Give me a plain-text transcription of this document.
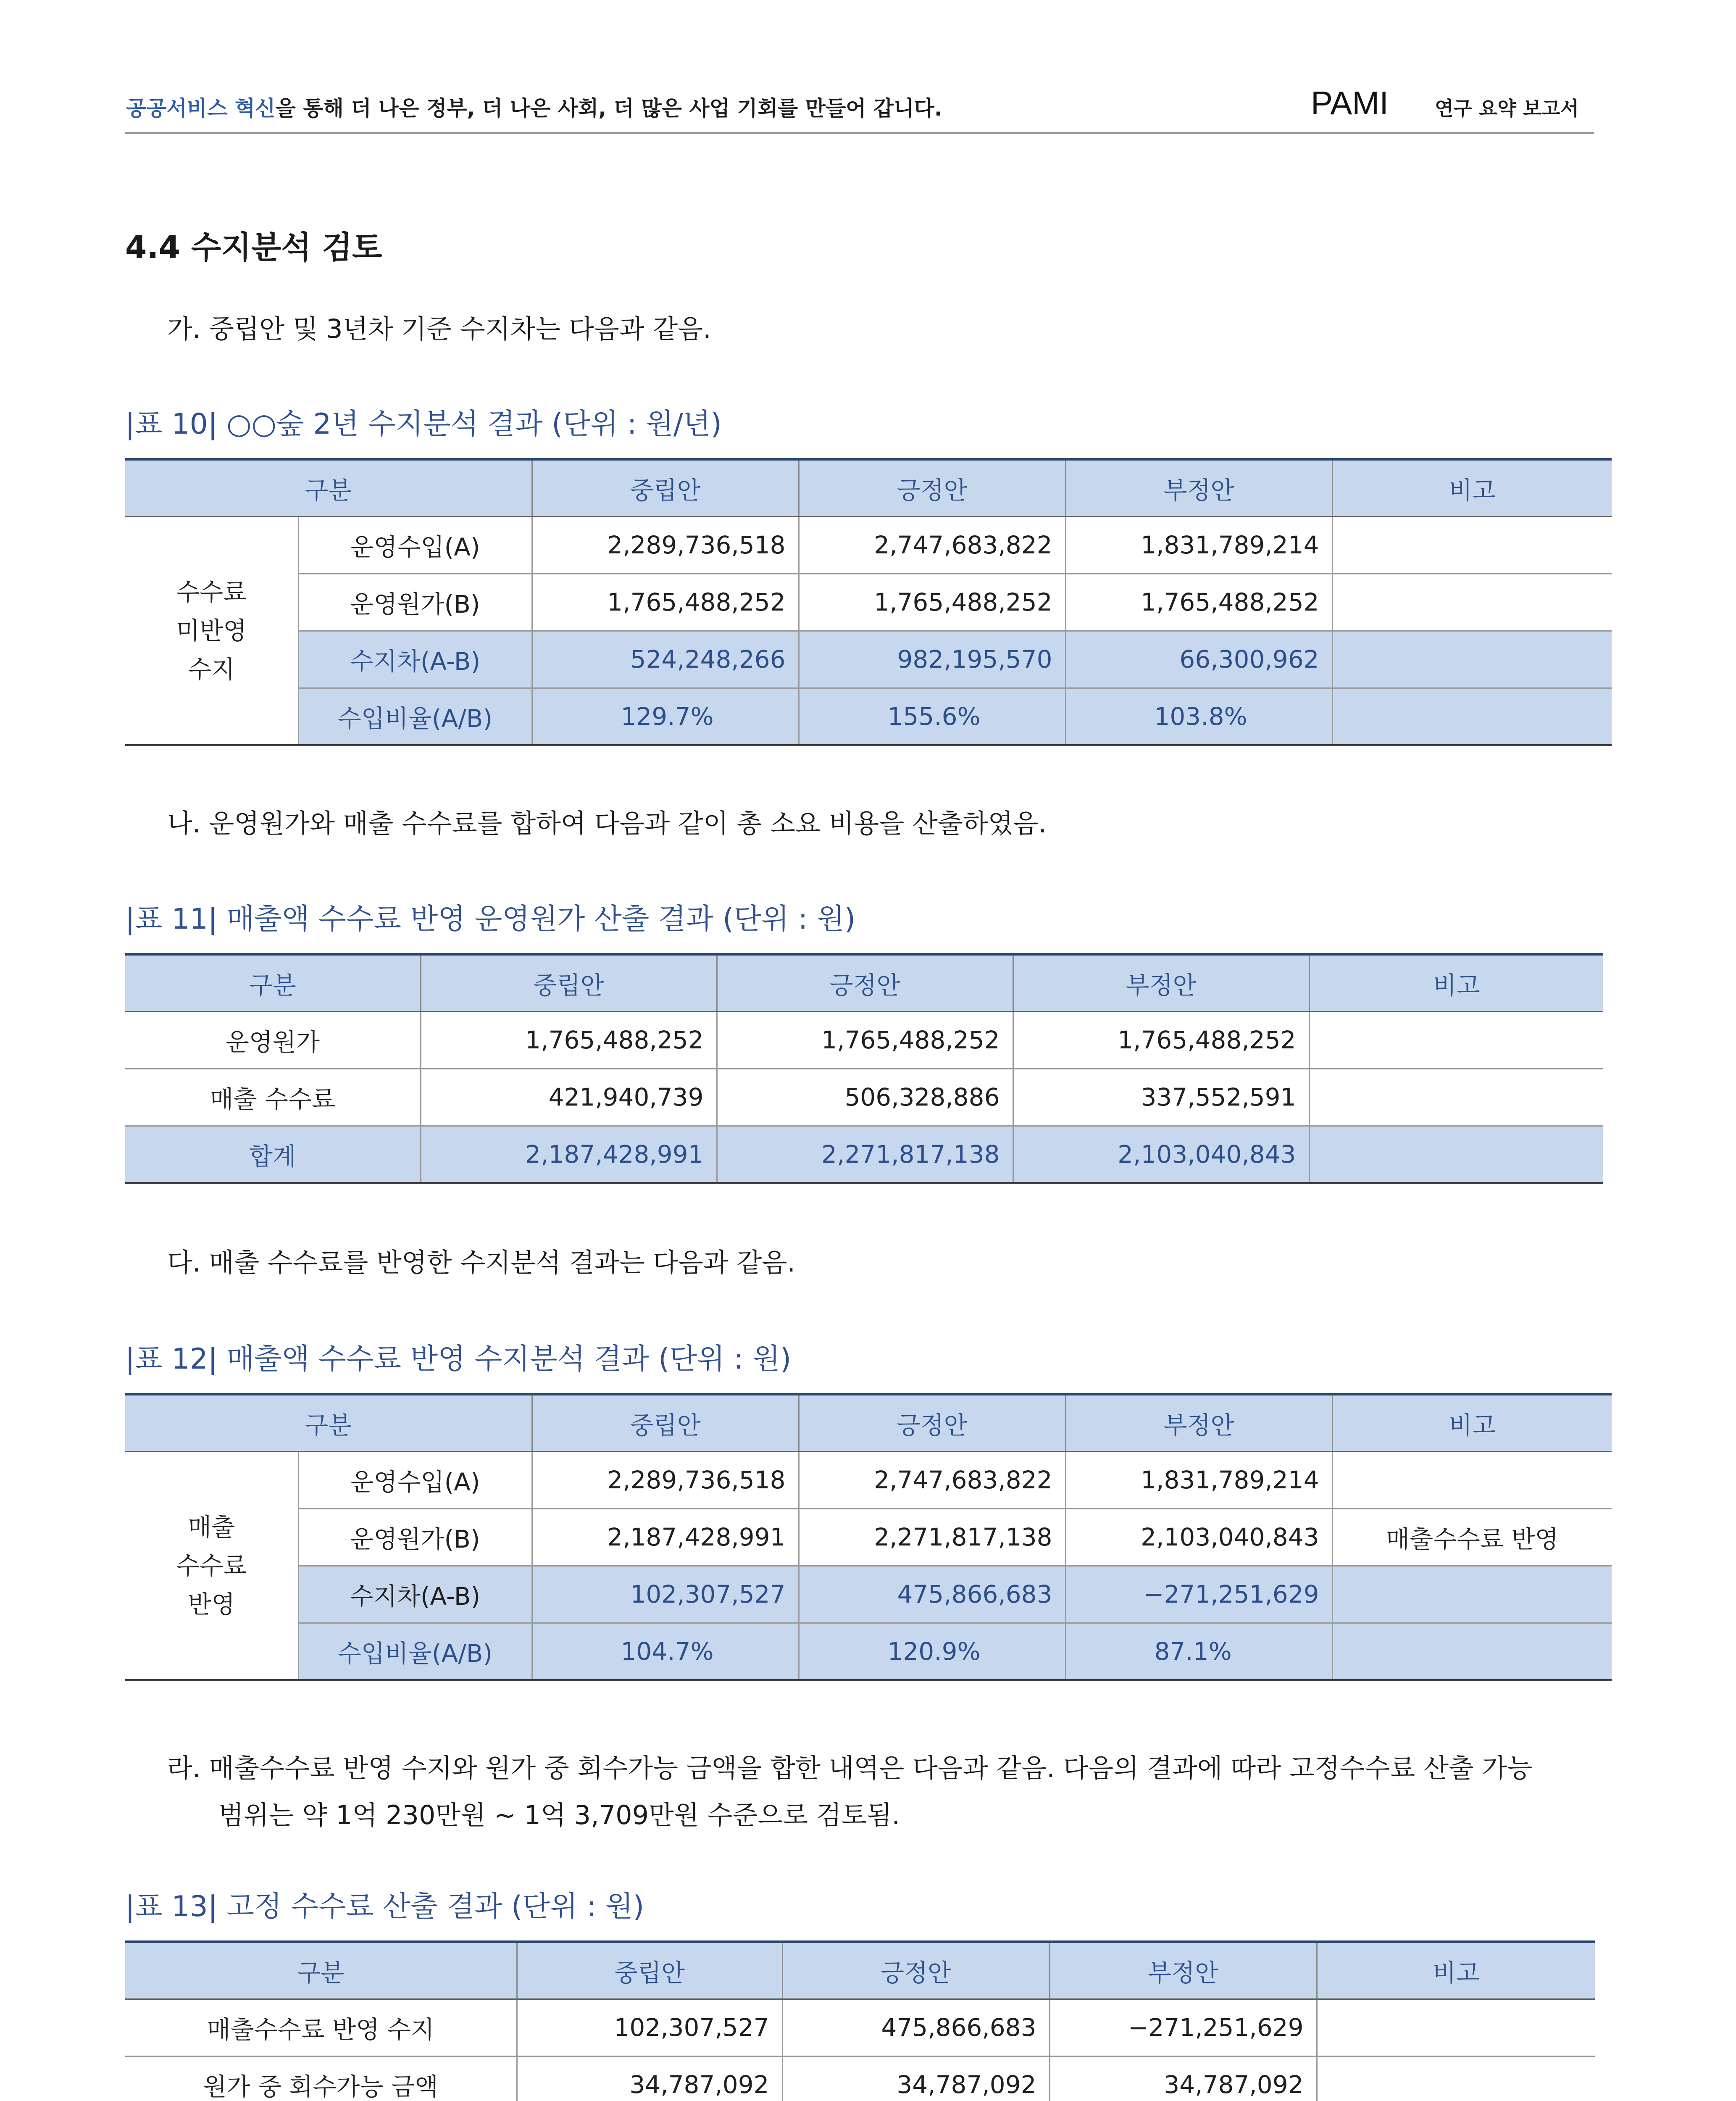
공공서비스 혁신을 통해 더 나은 정부, 더 나은 사회, 더 많은 사업 기회를 만들어 갑니다.	PAMI 연구 요약 보고서
4.4 수지분석 검토
가. 중립안 및 3년차 기준 수지차는 다음과 같음.
|표 10| ○○숲 2년 수지분석 결과 (단위 : 원/년)
구분		중립안	긍정안	부정안	비고
수수료
미반영
수지	운영수입(A)	2,289,736,518	2,747,683,822	1,831,789,214	
	운영원가(B)	1,765,488,252	1,765,488,252	1,765,488,252	
	수지차(A-B)	524,248,266	982,195,570	66,300,962	
	수입비율(A/B)	129.7%	155.6%	103.8%	
나. 운영원가와 매출 수수료를 합하여 다음과 같이 총 소요 비용을 산출하였음.
|표 11| 매출액 수수료 반영 운영원가 산출 결과 (단위 : 원)
구분	중립안	긍정안	부정안	비고
운영원가	1,765,488,252	1,765,488,252	1,765,488,252	
매출 수수료	421,940,739	506,328,886	337,552,591	
합계	2,187,428,991	2,271,817,138	2,103,040,843	
다. 매출 수수료를 반영한 수지분석 결과는 다음과 같음.
|표 12| 매출액 수수료 반영 수지분석 결과 (단위 : 원)
구분		중립안	긍정안	부정안	비고
매출
수수료
반영	운영수입(A)	2,289,736,518	2,747,683,822	1,831,789,214	
	운영원가(B)	2,187,428,991	2,271,817,138	2,103,040,843	매출수수료 반영
	수지차(A-B)	102,307,527	475,866,683	−271,251,629	
	수입비율(A/B)	104.7%	120.9%	87.1%	
라. 매출수수료 반영 수지와 원가 중 회수가능 금액을 합한 내역은 다음과 같음. 다음의 결과에 따라 고정수수료 산출 가능
범위는 약 1억 230만원 ~ 1억 3,709만원 수준으로 검토됨.
|표 13| 고정 수수료 산출 결과 (단위 : 원)
구분	중립안	긍정안	부정안	비고
매출수수료 반영 수지	102,307,527	475,866,683	−271,251,629	
원가 중 회수가능 금액	34,787,092	34,787,092	34,787,092	
